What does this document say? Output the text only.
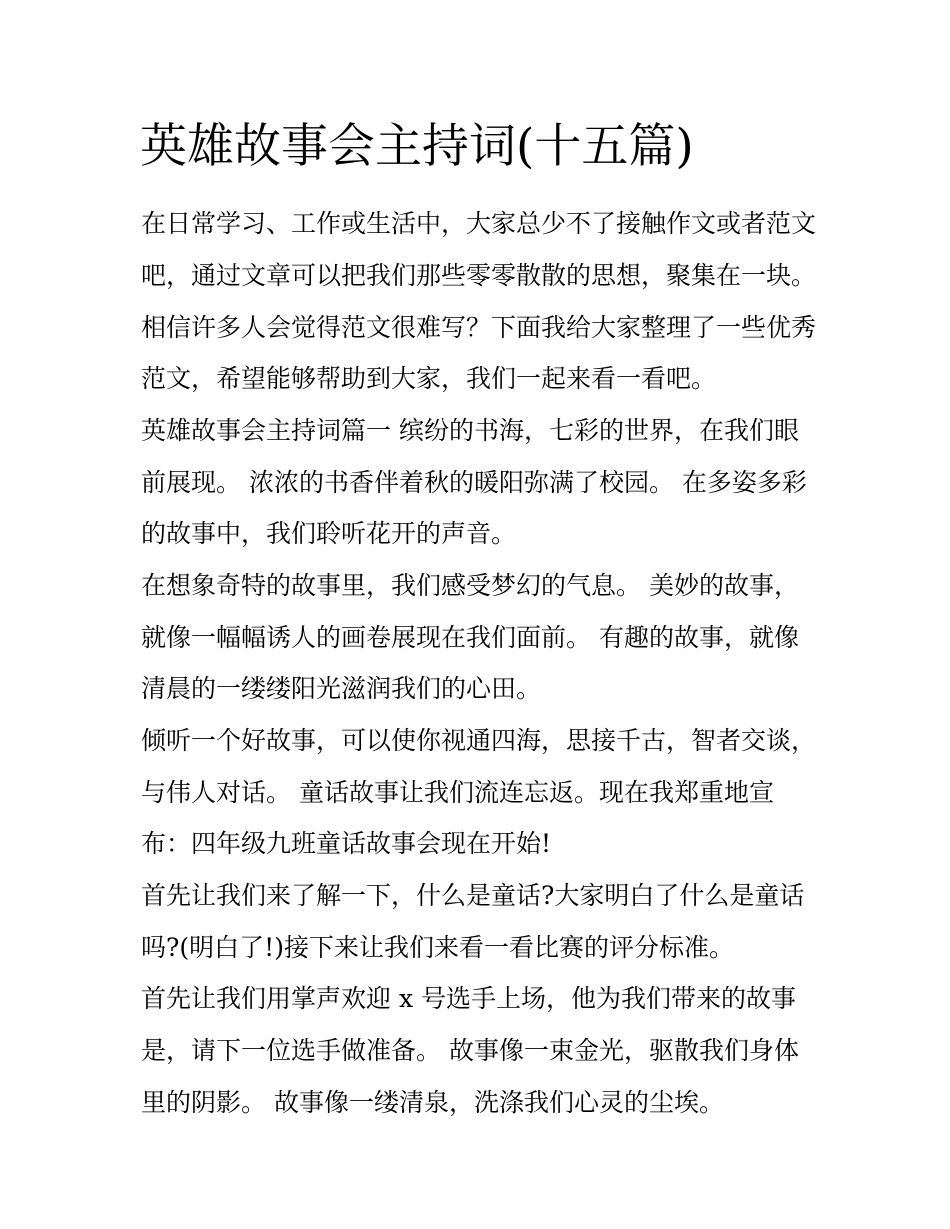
英雄故事会主持词(十五篇)

在日常学习、工作或生活中，大家总少不了接触作文或者范文

吧，通过文章可以把我们那些零零散散的思想，聚集在一块。

相信许多人会觉得范文很难写？下面我给大家整理了一些优秀

范文，希望能够帮助到大家，我们一起来看一看吧。

英雄故事会主持词篇一 缤纷的书海，七彩的世界，在我们眼

前展现。 浓浓的书香伴着秋的暖阳弥满了校园。 在多姿多彩

的故事中，我们聆听花开的声音。

在想象奇特的故事里，我们感受梦幻的气息。 美妙的故事，

就像一幅幅诱人的画卷展现在我们面前。 有趣的故事，就像

清晨的一缕缕阳光滋润我们的心田。

倾听一个好故事，可以使你视通四海，思接千古，智者交谈，

与伟人对话。 童话故事让我们流连忘返。现在我郑重地宣

布：四年级九班童话故事会现在开始!

首先让我们来了解一下，什么是童话?大家明白了什么是童话

吗?(明白了!)接下来让我们来看一看比赛的评分标准。

首先让我们用掌声欢迎 x 号选手上场，他为我们带来的故事

是，请下一位选手做准备。 故事像一束金光，驱散我们身体

里的阴影。 故事像一缕清泉，洗涤我们心灵的尘埃。
